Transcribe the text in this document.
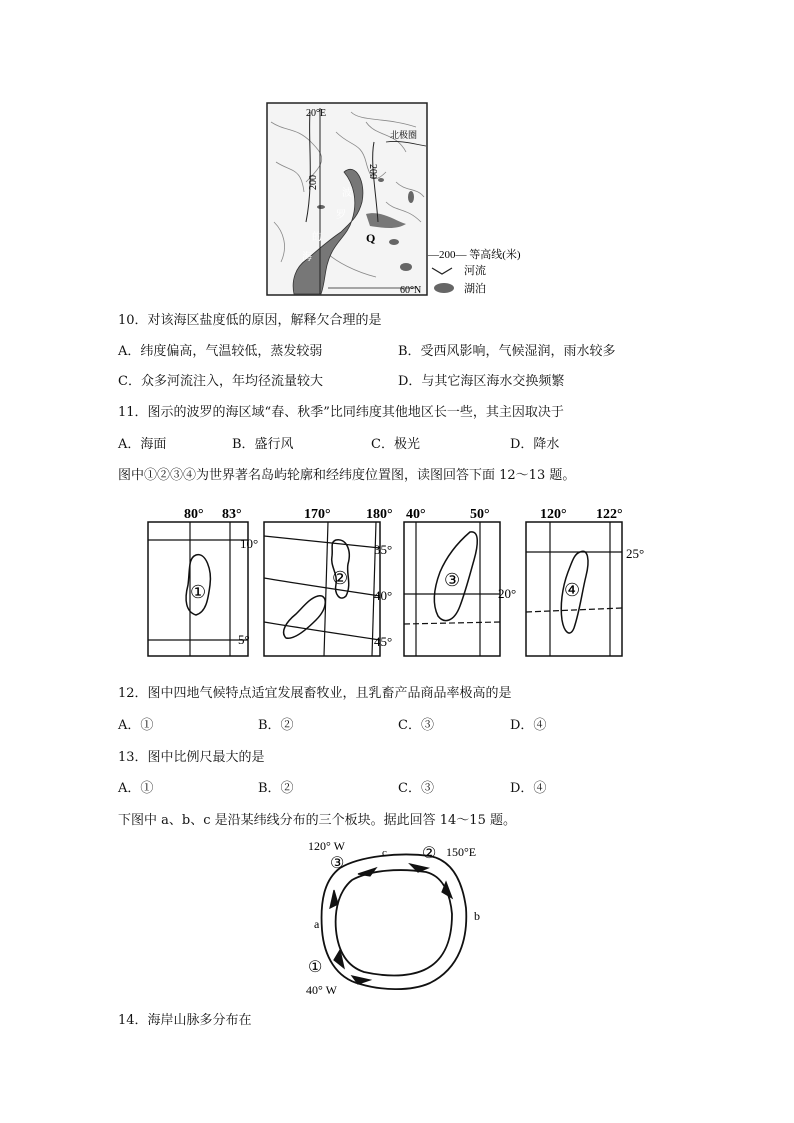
20°E
60°N
北极圈
200
200
波
罗
的
海
Q
—200— 等高线(米)
河流
湖泊
10．对该海区盐度低的原因，解释欠合理的是
A．纬度偏高，气温较低，蒸发较弱	B．受西风影响，气候湿润，雨水较多
C．众多河流注入，年均径流量较大	D．与其它海区海水交换频繁
11．图示的波罗的海区域“春、秋季”比同纬度其他地区长一些，其主因取决于
A．海面	B．盛行风	C．极光	D．降水
图中①②③④为世界著名岛屿轮廓和经纬度位置图，读图回答下面 12～13 题。
①
80° 83°
10°
5°
②
170°	180°
35°
40°
45°
③
40°	50°
20°	④
120° 122°
25°
12．图中四地气候特点适宜发展畜牧业，且乳畜产品商品率极高的是
A．①	B．②	C．③	D．④
13．图中比例尺最大的是
A．①	B．②	C．③	D．④
下图中 a、b、c 是沿某纬线分布的三个板块。据此回答 14～15 题。
120° W
③
c ② 150°E
a
b
①
40° W
14．海岸山脉多分布在
